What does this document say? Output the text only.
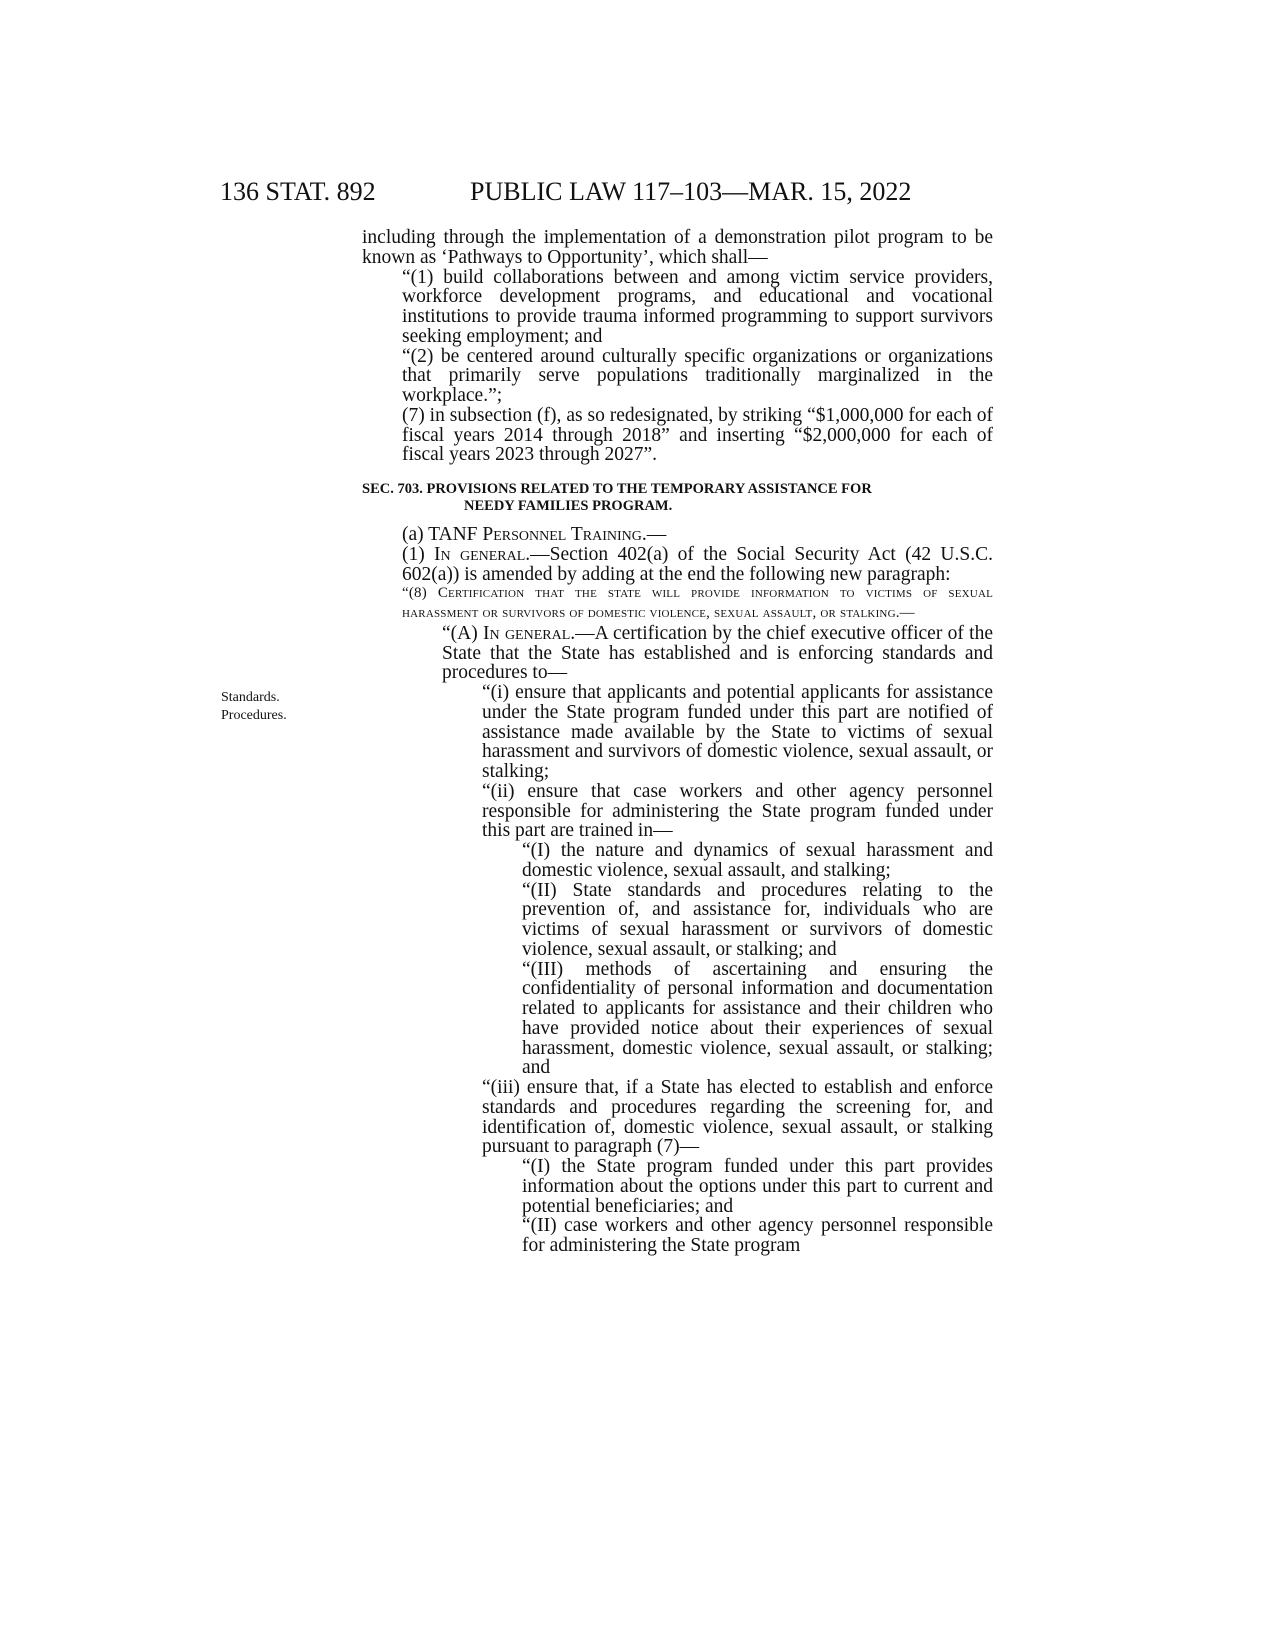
136 STAT. 892	PUBLIC LAW 117–103—MAR. 15, 2022
Standards.
Procedures.

including through the implementation of a demonstration pilot program to be known as ‘Pathways to Opportunity’, which shall—

“(1) build collaborations between and among victim service providers, workforce development programs, and educational and vocational institutions to provide trauma informed programming to support survivors seeking employment; and

“(2) be centered around culturally specific organizations or organizations that primarily serve populations traditionally marginalized in the workplace.”;

(7) in subsection (f), as so redesignated, by striking “$1,000,000 for each of fiscal years 2014 through 2018” and inserting “$2,000,000 for each of fiscal years 2023 through 2027”.

SEC. 703. PROVISIONS RELATED TO THE TEMPORARY ASSISTANCE FOR
NEEDY FAMILIES PROGRAM.

(a) TANF Personnel Training.—

(1) In general.—Section 402(a) of the Social Security Act (42 U.S.C. 602(a)) is amended by adding at the end the following new paragraph:

“(8) Certification that the state will provide information to victims of sexual harassment or survivors of domestic violence, sexual assault, or stalking.—

“(A) In general.—A certification by the chief executive officer of the State that the State has established and is enforcing standards and procedures to—

“(i) ensure that applicants and potential applicants for assistance under the State program funded under this part are notified of assistance made available by the State to victims of sexual harassment and survivors of domestic violence, sexual assault, or stalking;

“(ii) ensure that case workers and other agency personnel responsible for administering the State program funded under this part are trained in—

“(I) the nature and dynamics of sexual harassment and domestic violence, sexual assault, and stalking;

“(II) State standards and procedures relating to the prevention of, and assistance for, individuals who are victims of sexual harassment or survivors of domestic violence, sexual assault, or stalking; and

“(III) methods of ascertaining and ensuring the confidentiality of personal information and documentation related to applicants for assistance and their children who have provided notice about their experiences of sexual harassment, domestic violence, sexual assault, or stalking; and

“(iii) ensure that, if a State has elected to establish and enforce standards and procedures regarding the screening for, and identification of, domestic violence, sexual assault, or stalking pursuant to paragraph (7)—

“(I) the State program funded under this part provides information about the options under this part to current and potential beneficiaries; and

“(II) case workers and other agency personnel responsible for administering the State program
